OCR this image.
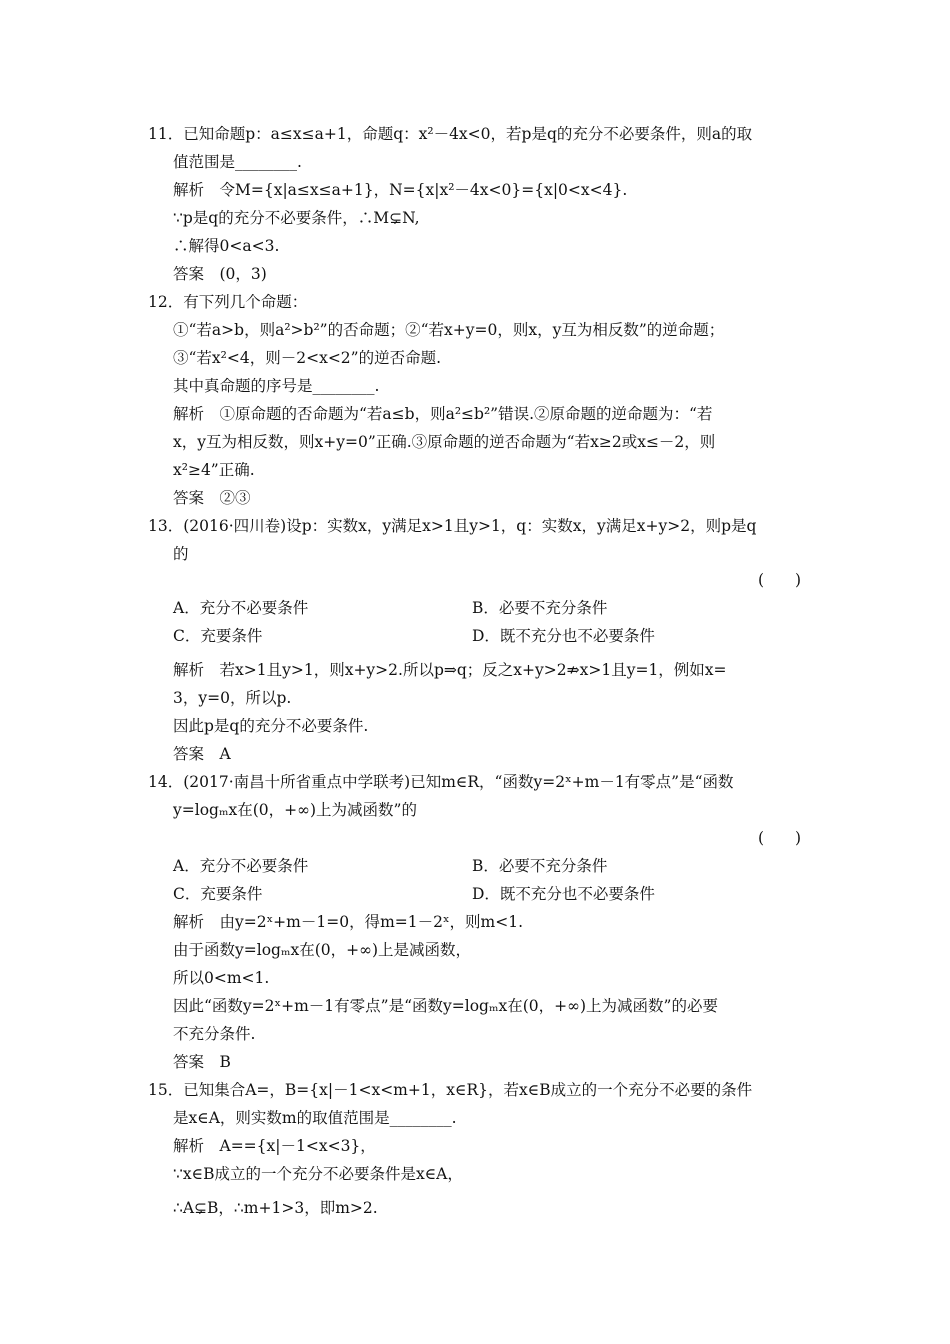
11．已知命题p：a≤x≤a+1，命题q：x²－4x<0，若p是q的充分不必要条件，则a的取
值范围是________.
解析　令M={x|a≤x≤a+1}，N={x|x²－4x<0}={x|0<x<4}.
∵p是q的充分不必要条件，∴M⊊N,
∴解得0<a<3.
答案　(0，3)
12．有下列几个命题：
①“若a>b，则a²>b²”的否命题；②“若x+y=0，则x，y互为相反数”的逆命题；
③“若x²<4，则－2<x<2”的逆否命题.
其中真命题的序号是________.
解析　①原命题的否命题为“若a≤b，则a²≤b²”错误.②原命题的逆命题为：“若
x，y互为相反数，则x+y=0”正确.③原命题的逆否命题为“若x≥2或x≤－2，则
x²≥4”正确.
答案　②③
13．(2016·四川卷)设p：实数x，y满足x>1且y>1，q：实数x，y满足x+y>2，则p是q
的
(　　)
A．充分不必要条件	B．必要不充分条件
C．充要条件	D．既不充分也不必要条件
解析　若x>1且y>1，则x+y>2.所以p⇒q；反之x+y>2⇏x>1且y=1，例如x=
3，y=0，所以p.
因此p是q的充分不必要条件.
答案　A
14．(2017·南昌十所省重点中学联考)已知m∈R，“函数y=2ˣ+m－1有零点”是“函数
y=logₘx在(0，+∞)上为减函数”的
(　　)
A．充分不必要条件	B．必要不充分条件
C．充要条件	D．既不充分也不必要条件
解析　由y=2ˣ+m－1=0，得m=1－2ˣ，则m<1.
由于函数y=logₘx在(0，+∞)上是减函数，
所以0<m<1.
因此“函数y=2ˣ+m－1有零点”是“函数y=logₘx在(0，+∞)上为减函数”的必要
不充分条件.
答案　B
15．已知集合A=，B={x|－1<x<m+1，x∈R}，若x∈B成立的一个充分不必要的条件
是x∈A，则实数m的取值范围是________.
解析　A=={x|－1<x<3}，
∵x∈B成立的一个充分不必要条件是x∈A，
∴A⊊B，∴m+1>3，即m>2.
